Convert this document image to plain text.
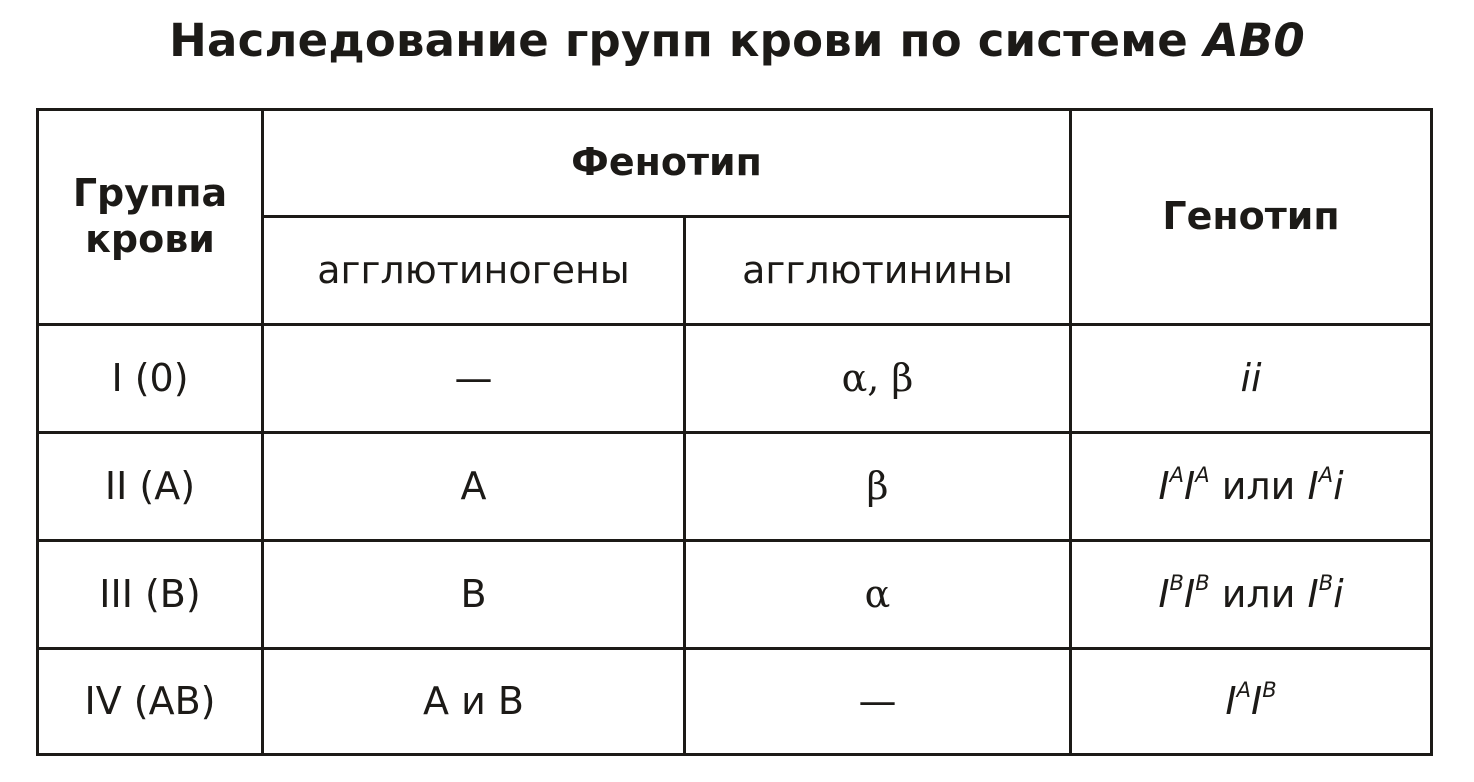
Наследование групп крови по системе AB0
Группа крови	Фенотип		Генотип
	агглютиногены	агглютинины	
I (0)	—	α, β	ii
II (A)	A	β	$I^AI^A$ или $I^Ai$
III (B)	B	α	$I^BI^B$ или $I^Bi$
IV (AB)	A и B	—	$I^AI^B$
